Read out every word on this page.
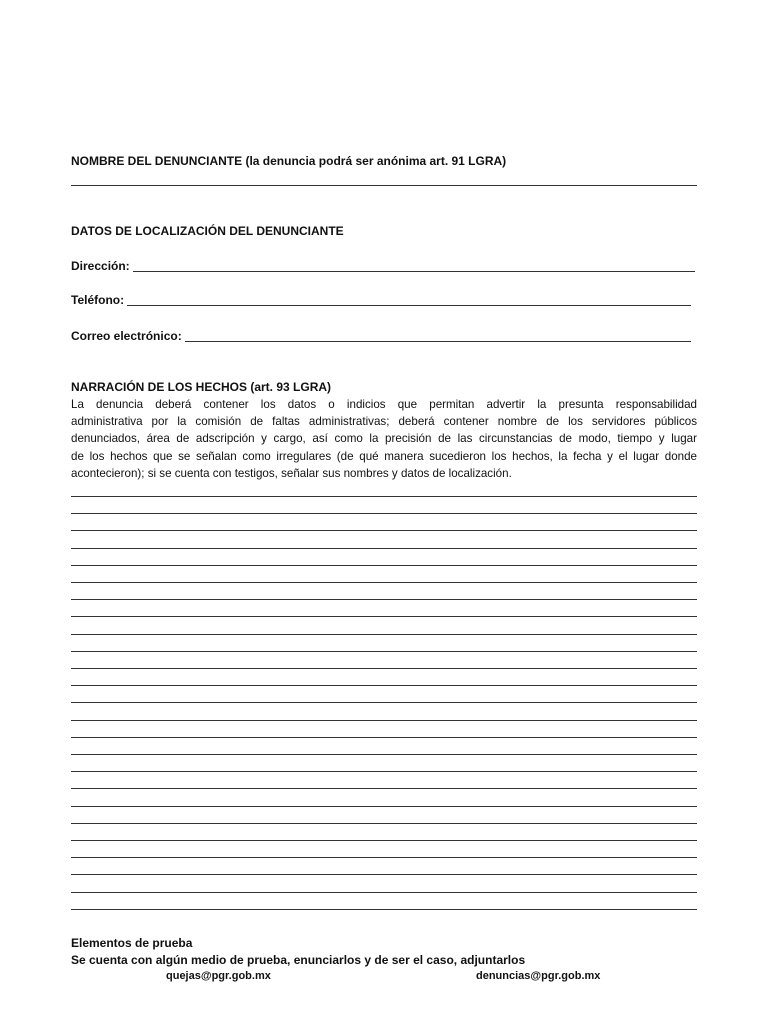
NOMBRE DEL DENUNCIANTE (la denuncia podrá ser anónima art. 91 LGRA)
DATOS DE LOCALIZACIÓN DEL DENUNCIANTE
Dirección:
Teléfono:
Correo electrónico:
NARRACIÓN DE LOS HECHOS (art. 93 LGRA)
La denuncia deberá contener los datos o indicios que permitan advertir la presunta responsabilidad
administrativa por la comisión de faltas administrativas; deberá contener nombre de los servidores públicos
denunciados, área de adscripción y cargo, así como la precisión de las circunstancias de modo, tiempo y lugar
de los hechos que se señalan como irregulares (de qué manera sucedieron los hechos, la fecha y el lugar donde
acontecieron); si se cuenta con testigos, señalar sus nombres y datos de localización.
Elementos de prueba
Se cuenta con algún medio de prueba, enunciarlos y de ser el caso, adjuntarlos
quejas@pgr.gob.mx	denuncias@pgr.gob.mx
